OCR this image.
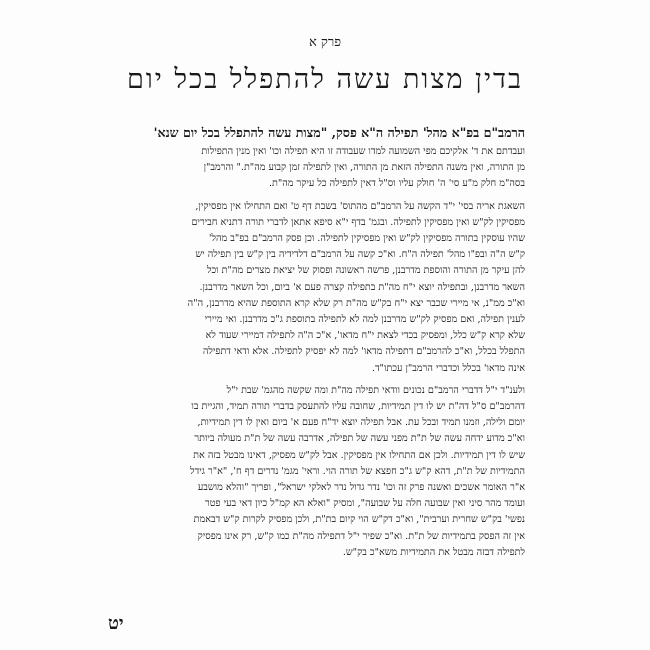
פרק א
בדין מצות עשה להתפלל בכל יום
הרמב"ם בפ"א מהל' תפילה ה"א פסק, "מצות עשה להתפלל בכל יום שנא'
ועבדתם את ד' אלקיכם מפי השמועה למדו שעבודה זו היא תפילה וכו' ואין מנין התפילות
מן התורה, ואין משנה התפילה הזאת מן התורה, ואין לתפילה זמן קבוע מה"ת." והרמב"ן
בסה"מ חלק מ"ע סי' ה' חולק עליו וס"ל דאין לתפילה כל עיקר מה"ת.
השאגת אריה בסי' י"ד הקשה על הרמב"ם מהתוס' בשבת דף ט' ואם התחילו אין מפסיקין,
מפסיקין לק"ש ואין מפסיקין לתפילה. ובגמ' בדף י"א סיפא אתאן לדברי תורה דתניא חבירים
שהיו עוסקין בתורה מפסיקין לק"ש ואין מפסיקין לתפילה. וכן פסק הרמב"ם בפ"ב מהל'
ק"ש ה"ה ובפ"ו מהל' תפילה ה"ח. וא"כ קשה על הרמב"ם דלדידיה בין ק"ש בין תפילה יש
להן עיקר מן התורה והוספת מדרבנן, פרשה ראשונה ופסוק של יציאת מצרים מה"ת וכל
השאר מדרבנן, ובתפילה יוצא י"ח מה"ת בתפילה קצרה פעם א' ביום, וכל השאר מדרבנן.
וא"כ ממ"נ, אי מיירי שכבר יצא י"ח בק"ש מה"ת רק שלא קרא התוספת שהיא מדרבנן, ה"ה
לענין תפילה, ואם מפסיק לק"ש מדרבנן למה לא לתפילה בתוספת ג"כ מדרבנן. ואי מיירי
שלא קרא ק"ש כלל, ומפסיק בכדי לצאת י"ח מדאו', א"כ ה"ה לתפילה דמיירי שעוד לא
התפלל בכלל, וא"כ להרמב"ם דתפילה מדאו' למה לא יפסיק לתפילה. אלא ודאי דתפילה
אינה מדאו' בכלל וכדברי הרמב"ן עכתו"ד.
ולענ"ד י"ל דדברי הרמב"ם נכונים וודאי תפילה מה"ת ומה שקשה מהגמ' שבת י"ל
דהרמב"ם ס"ל דה"ת יש לו דין תמידיות, שחובה עליו להתעסק בדברי תורה תמיד, והגיית בו
יומם ולילה, וזמנו תמיד ובכל עת. אבל תפילה יוצא יד"ח פעם א' ביום ואין לו דין תמידיות,
וא"כ מדוע ידחה עשה של ת"ת מפני עשה של תפילה, אדרבה עשה של ת"ת מעולה ביותר
שיש לו דין תמידיות. ולכן אם התחילו אין מפסיקין. אבל לק"ש מפסיק, דאינו מבטל בזה את
התמידיות של ת"ת, דהא ק"ש ג"כ חפצא של תורה הוי. וראי' מגמ' נדרים דף ח', "א"ר גידל
א"ר האומר אשכים ואשנה פרק זה וכו' נדר גדול נדר לאלקי ישראל", ופריך "והלא מושבע
ועומד מהר סיני ואין שבועה חלה על שבועה", ומסיק "ואלא הא קמ"ל כיון דאי בעי פטר
נפשי' בק"ש שחרית וערבית", וא"כ דק"ש הוי קיום בת"ת, ולכן מפסיק לקרות ק"ש דבאמת
אין זה הפסק בתמידיות של ת"ת. וא"כ שפיר י"ל דתפילה מה"ת כמו ק"ש, רק אינו מפסיק
לתפילה דבזה מבטל את התמידיות משא"כ בק"ש.
יט
